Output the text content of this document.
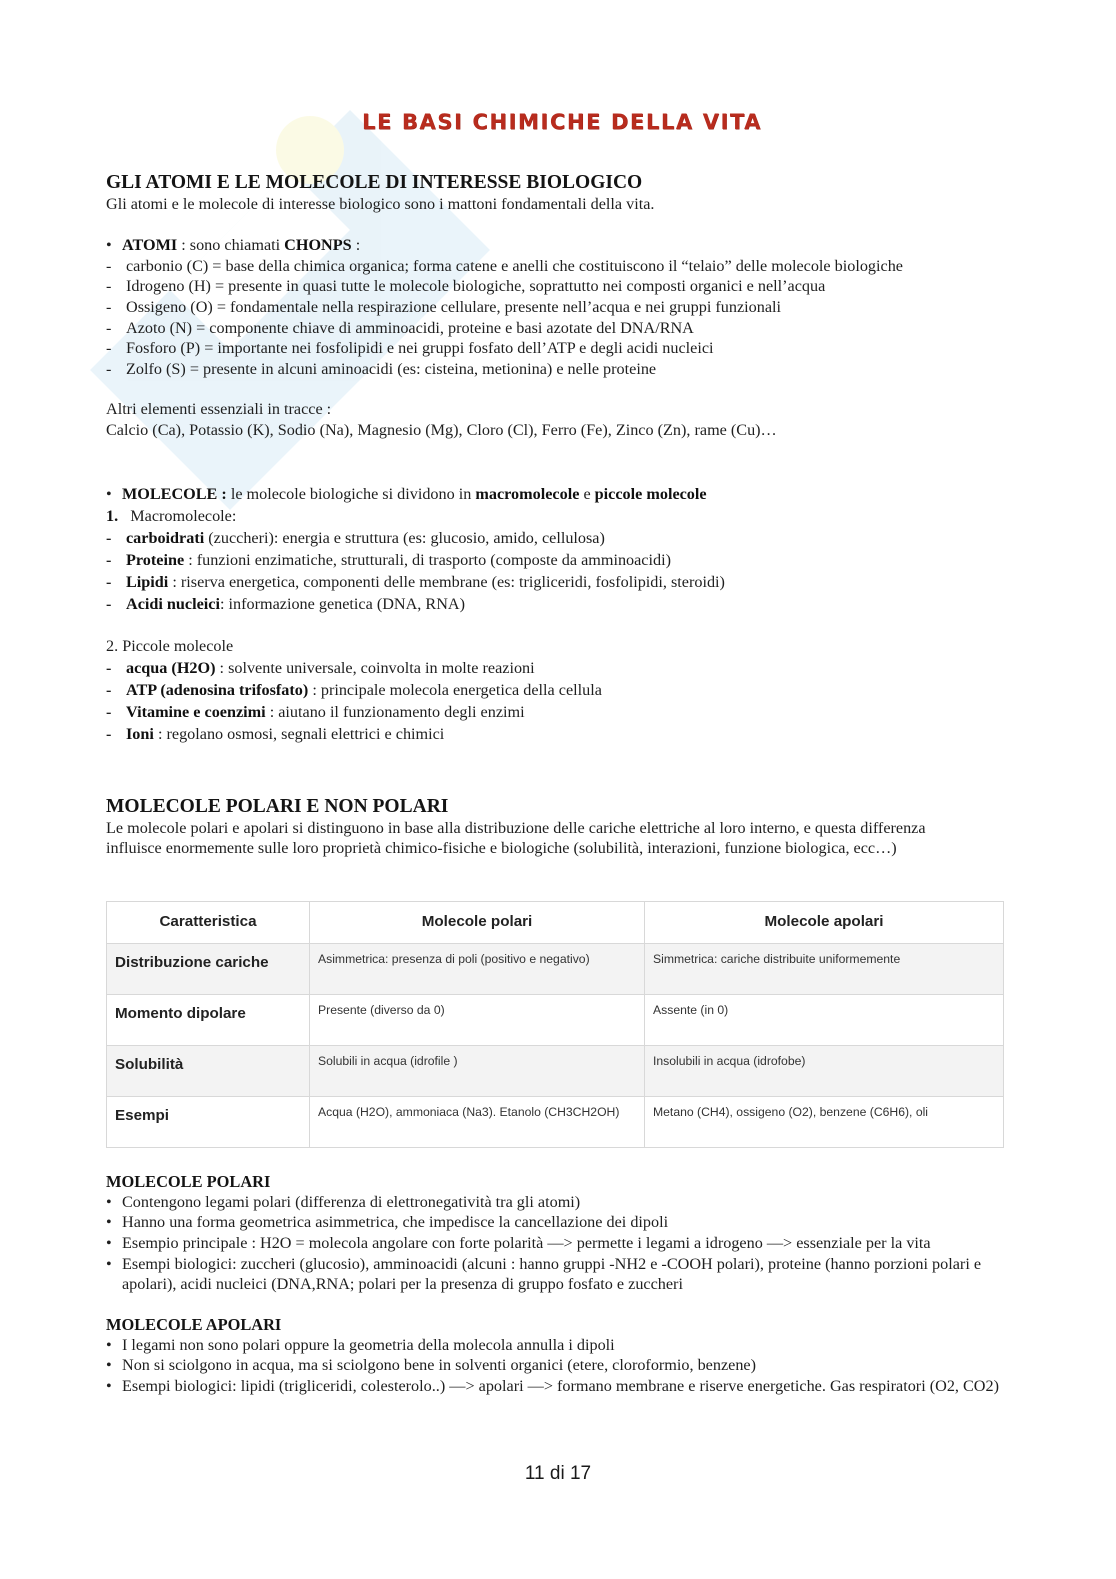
LE BASI CHIMICHE DELLA VITA
GLI ATOMI E LE MOLECOLE DI INTERESSE BIOLOGICO

Gli atomi e le molecole di interesse biologico sono i mattoni fondamentali della vita.

• ATOMI : sono chiamati CHONPS :
- carbonio (C) = base della chimica organica; forma catene e anelli che costituiscono il “telaio” delle molecole biologiche
- Idrogeno (H) = presente in quasi tutte le molecole biologiche, soprattutto nei composti organici e nell’acqua
- Ossigeno (O) = fondamentale nella respirazione cellulare, presente nell’acqua e nei gruppi funzionali
- Azoto (N) = componente chiave di amminoacidi, proteine e basi azotate del DNA/RNA
- Fosforo (P) = importante nei fosfolipidi e nei gruppi fosfato dell’ATP e degli acidi nucleici
- Zolfo (S) = presente in alcuni aminoacidi (es: cisteina, metionina) e nelle proteine

Altri elementi essenziali in tracce :

Calcio (Ca), Potassio (K), Sodio (Na), Magnesio (Mg), Cloro (Cl), Ferro (Fe), Zinco (Zn), rame (Cu)…

• MOLECOLE : le molecole biologiche si dividono in macromolecole e piccole molecole

1. Macromolecole:

- carboidrati (zuccheri): energia e struttura (es: glucosio, amido, cellulosa)
- Proteine : funzioni enzimatiche, strutturali, di trasporto (composte da amminoacidi)
- Lipidi : riserva energetica, componenti delle membrane (es: trigliceridi, fosfolipidi, steroidi)
- Acidi nucleici: informazione genetica (DNA, RNA)

2. Piccole molecole

- acqua (H2O) : solvente universale, coinvolta in molte reazioni
- ATP (adenosina trifosfato) : principale molecola energetica della cellula
- Vitamine e coenzimi : aiutano il funzionamento degli enzimi
- Ioni : regolano osmosi, segnali elettrici e chimici
MOLECOLE POLARI E NON POLARI

Le molecole polari e apolari si distinguono in base alla distribuzione delle cariche elettriche al loro interno, e questa differenza influisce enormemente sulle loro proprietà chimico-fisiche e biologiche (solubilità, interazioni, funzione biologica, ecc…)

Caratteristica	Molecole polari	Molecole apolari
Distribuzione cariche	Asimmetrica: presenza di poli (positivo e negativo)	Simmetrica: cariche distribuite uniformemente
Momento dipolare	Presente (diverso da 0)	Assente (in 0)
Solubilità	Solubili in acqua (idrofile )	Insolubili in acqua (idrofobe)
Esempi	Acqua (H2O), ammoniaca (Na3). Etanolo (CH3CH2OH)	Metano (CH4), ossigeno (O2), benzene (C6H6), oli
MOLECOLE POLARI
• Contengono legami polari (differenza di elettronegatività tra gli atomi)
• Hanno una forma geometrica asimmetrica, che impedisce la cancellazione dei dipoli
• Esempio principale : H2O = molecola angolare con forte polarità —> permette i legami a idrogeno —> essenziale per la vita
• Esempi biologici: zuccheri (glucosio), amminoacidi (alcuni : hanno gruppi -NH2 e -COOH polari), proteine (hanno porzioni polari e apolari), acidi nucleici (DNA,RNA; polari per la presenza di gruppo fosfato e zuccheri
MOLECOLE APOLARI
• I legami non sono polari oppure la geometria della molecola annulla i dipoli
• Non si sciolgono in acqua, ma si sciolgono bene in solventi organici (etere, cloroformio, benzene)
• Esempi biologici: lipidi (trigliceridi, colesterolo..) —> apolari —> formano membrane e riserve energetiche. Gas respiratori (O2, CO2)
11 di 17
